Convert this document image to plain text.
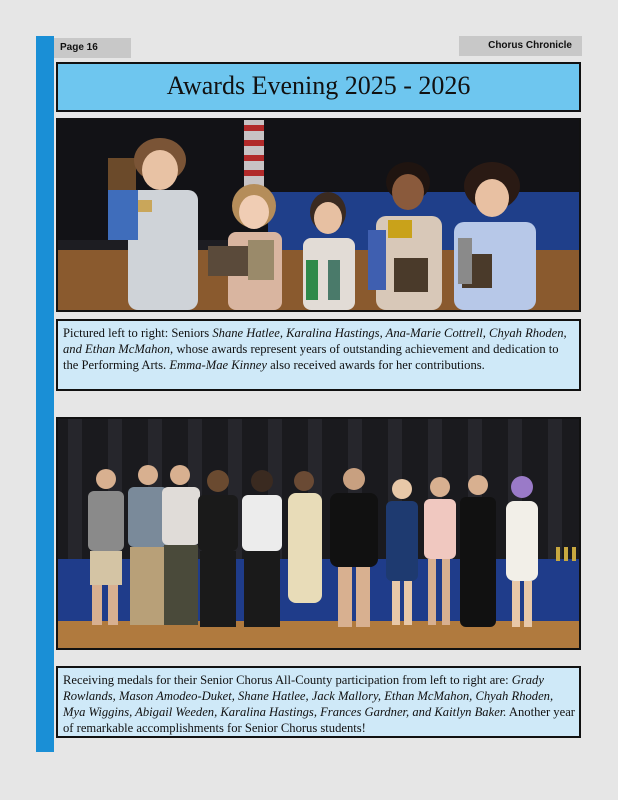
Page 16	Chorus Chronicle
Awards Evening 2025 - 2026
Pictured left to right: Seniors Shane Hatlee, Karalina Hastings, Ana-Marie Cottrell, Chyah Rhoden, and Ethan McMahon, whose awards represent years of outstanding achievement and dedication to the Performing Arts. Emma-Mae Kinney also received awards for her contributions.
Receiving medals for their Senior Chorus All-County participation from left to right are: Grady Rowlands, Mason Amodeo-Duket, Shane Hatlee, Jack Mallory, Ethan McMahon, Chyah Rhoden, Mya Wiggins, Abigail Weeden, Karalina Hastings, Frances Gardner, and Kaitlyn Baker. Another year of remarkable accomplishments for Senior Chorus students!
